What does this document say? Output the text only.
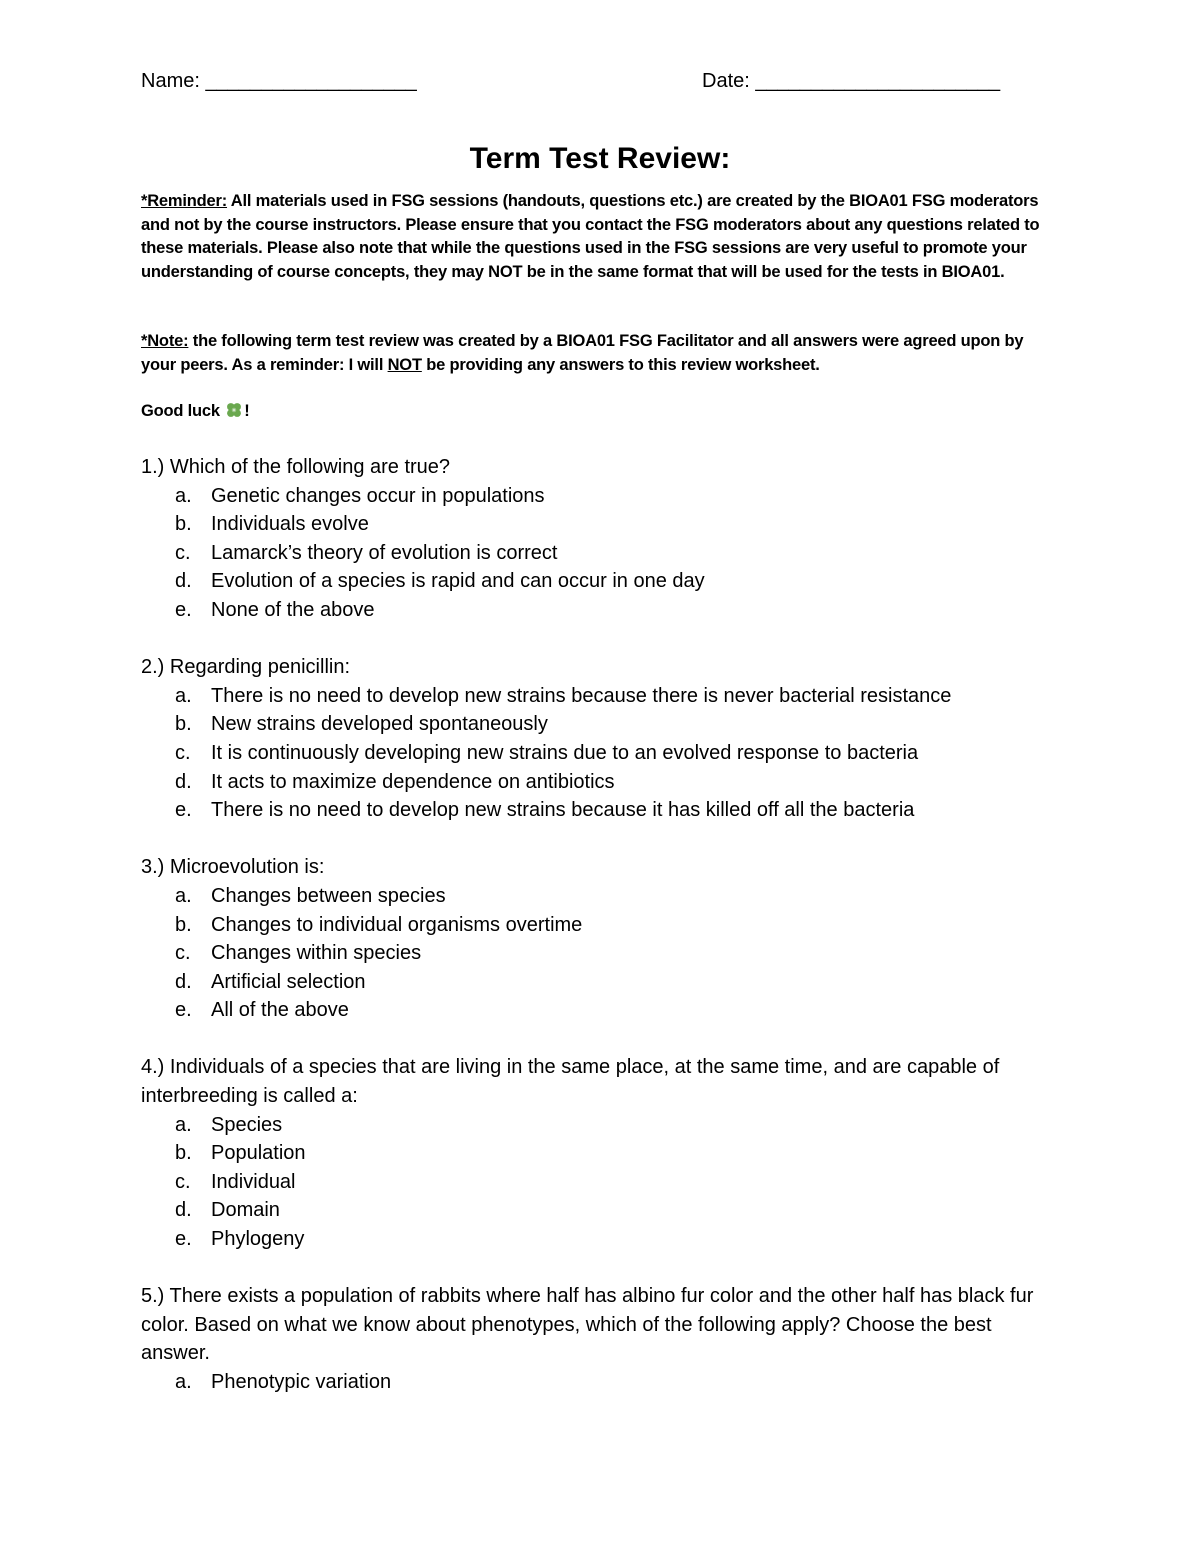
Name: ___________________	Date: ______________________
Term Test Review:

*Reminder: All materials used in FSG sessions (handouts, questions etc.) are created by the BIOA01 FSG moderators and not by the course instructors. Please ensure that you contact the FSG moderators about any questions related to these materials. Please also note that while the questions used in the FSG sessions are very useful to promote your understanding of course concepts, they may NOT be in the same format that will be used for the tests in BIOA01.

*Note: the following term test review was created by a BIOA01 FSG Facilitator and all answers were agreed upon by your peers. As a reminder: I will NOT be providing any answers to this review worksheet.

Good luck !

1.) Which of the following are true?

a. Genetic changes occur in populations
b. Individuals evolve
c.	Lamarck’s theory of evolution is correct
d. Evolution of a species is rapid and can occur in one day
e. None of the above

2.) Regarding penicillin:

a. There is no need to develop new strains because there is never bacterial resistance
b. New strains developed spontaneously
c.	It is continuously developing new strains due to an evolved response to bacteria
d. It acts to maximize dependence on antibiotics
e. There is no need to develop new strains because it has killed off all the bacteria

3.) Microevolution is:

a. Changes between species
b. Changes to individual organisms overtime
c.	Changes within species
d. Artificial selection
e. All of the above

4.) Individuals of a species that are living in the same place, at the same time, and are capable of interbreeding is called a:

a. Species
b. Population
c.	Individual
d. Domain
e. Phylogeny

5.) There exists a population of rabbits where half has albino fur color and the other half has black fur color. Based on what we know about phenotypes, which of the following apply? Choose the best answer.

a. Phenotypic variation
